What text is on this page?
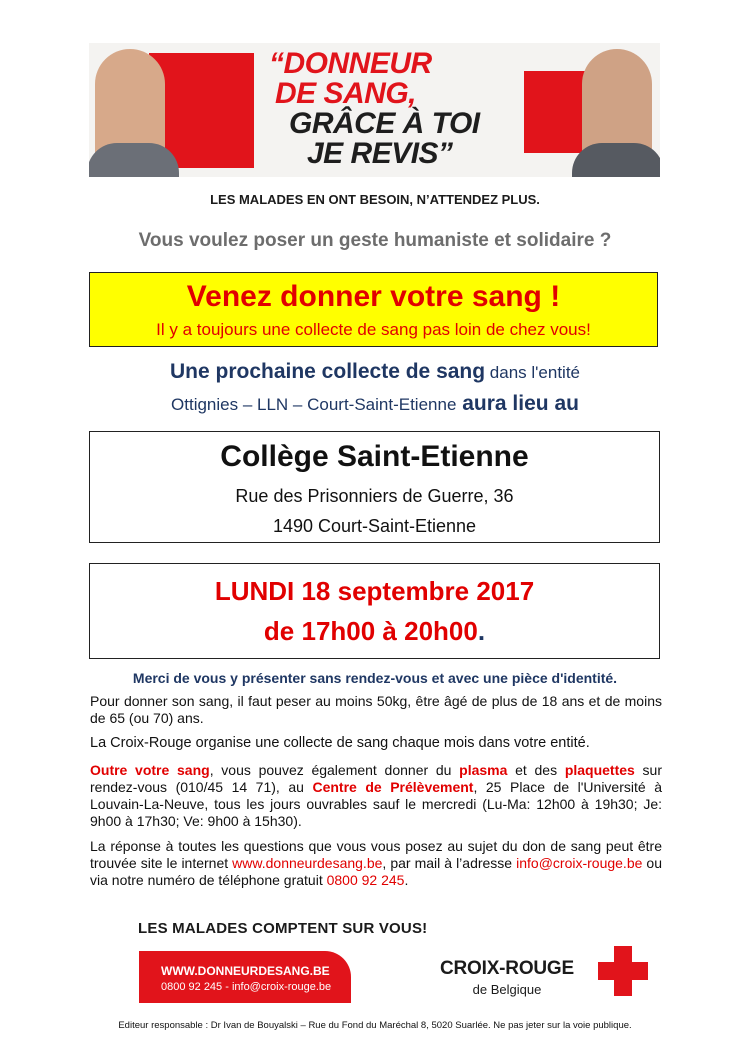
“DONNEUR
DE SANG,
GRÂCE À TOI
JE REVIS”
LES MALADES EN ONT BESOIN, N’ATTENDEZ PLUS.
Vous voulez poser un geste humaniste et solidaire ?
Venez donner votre sang !
Il y a toujours une collecte de sang pas loin de chez vous!
Une prochaine collecte de sang dans l'entité
Ottignies – LLN – Court-Saint-Etienne aura lieu au
Collège Saint-Etienne
Rue des Prisonniers de Guerre, 36
1490 Court-Saint-Etienne
LUNDI 18 septembre 2017
de 17h00 à 20h00.
Merci de vous y présenter sans rendez-vous et avec une pièce d'identité.
Pour donner son sang, il faut peser au moins 50kg, être âgé de plus de 18 ans et de moins de 65 (ou 70) ans.
La Croix-Rouge organise une collecte de sang chaque mois dans votre entité.
Outre votre sang, vous pouvez également donner du plasma et des plaquettes sur rendez-vous (010/45 14 71), au Centre de Prélèvement, 25 Place de l'Université à Louvain-La-Neuve, tous les jours ouvrables sauf le mercredi (Lu-Ma: 12h00 à 19h30; Je: 9h00 à 17h30; Ve: 9h00 à 15h30).
La réponse à toutes les questions que vous vous posez au sujet du don de sang peut être trouvée site le internet www.donneurdesang.be, par mail à l’adresse info@croix-rouge.be ou via notre numéro de téléphone gratuit 0800 92 245.
LES MALADES COMPTENT SUR VOUS!
WWW.DONNEURDESANG.BE
0800 92 245 - info@croix-rouge.be
CROIX-ROUGE
de Belgique
Editeur responsable : Dr Ivan de Bouyalski – Rue du Fond du Maréchal 8, 5020 Suarlée. Ne pas jeter sur la voie publique.
